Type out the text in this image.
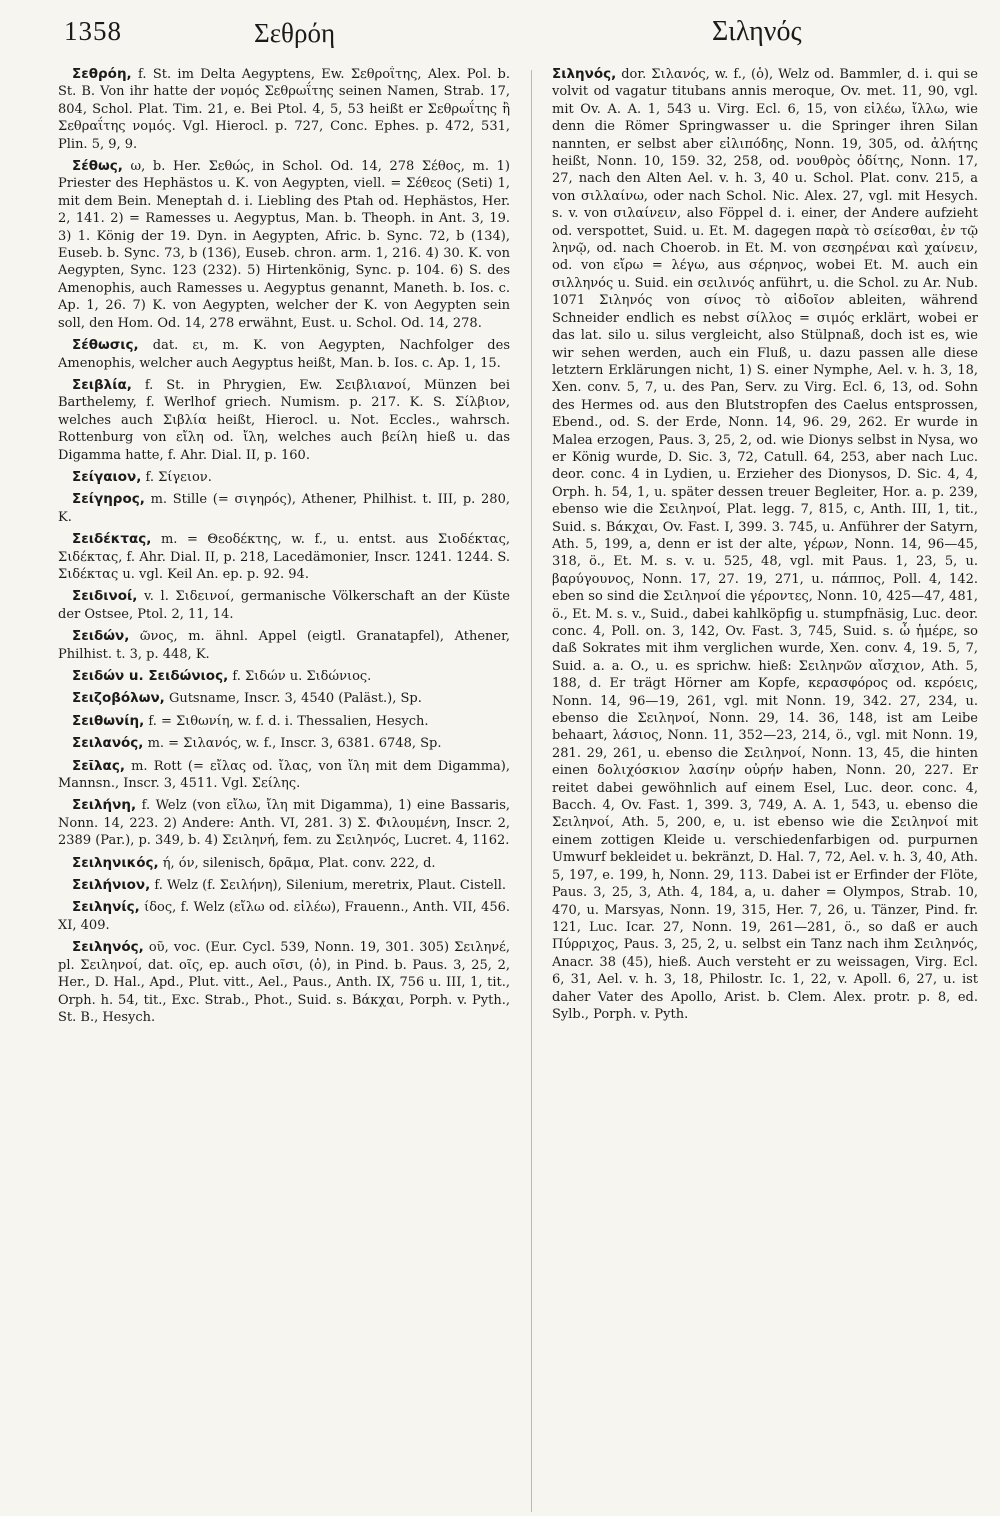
1358	Σεθρόη	Σιληνός

Σεθρόη, f. St. im Delta Aegyptens, Ew. Σεθροΐτης, Alex. Pol. b. St. B. Von ihr hatte der νομός Σεθρωΐτης seinen Namen, Strab. 17, 804, Schol. Plat. Tim. 21, e. Bei Ptol. 4, 5, 53 heißt er Σεθρωΐτης ἢ Σεθραΐτης νομός. Vgl. Hierocl. p. 727, Conc. Ephes. p. 472, 531, Plin. 5, 9, 9.

Σέθως, ω, b. Her. Σεθώς, in Schol. Od. 14, 278 Σέθος, m. 1) Priester des Hephästos u. K. von Aegypten, viell. = Σέθεος (Seti) 1, mit dem Bein. Meneptah d. i. Liebling des Ptah od. Hephästos, Her. 2, 141. 2) = Ramesses u. Aegyptus, Man. b. Theoph. in Ant. 3, 19. 3) 1. König der 19. Dyn. in Aegypten, Afric. b. Sync. 72, b (134), Euseb. b. Sync. 73, b (136), Euseb. chron. arm. 1, 216. 4) 30. K. von Aegypten, Sync. 123 (232). 5) Hirtenkönig, Sync. p. 104. 6) S. des Amenophis, auch Ramesses u. Aegyptus genannt, Maneth. b. Ios. c. Ap. 1, 26. 7) K. von Aegypten, welcher der K. von Aegypten sein soll, den Hom. Od. 14, 278 erwähnt, Eust. u. Schol. Od. 14, 278.

Σέθωσις, dat. ει, m. K. von Aegypten, Nachfolger des Amenophis, welcher auch Aegyptus heißt, Man. b. Ios. c. Ap. 1, 15.

Σειβλία, f. St. in Phrygien, Ew. Σειβλιανοί, Münzen bei Barthelemy, f. Werlhof griech. Numism. p. 217. K. S. Σίλβιον, welches auch Σιβλία heißt, Hierocl. u. Not. Eccles., wahrsch. Rottenburg von εἴλη od. ἴλη, welches auch βείλη hieß u. das Digamma hatte, f. Ahr. Dial. II, p. 160.

Σείγαιον, f. Σίγειον.

Σείγηρος, m. Stille (= σιγηρός), Athener, Philhist. t. III, p. 280, K.

Σειδέκτας, m. = Θεοδέκτης, w. f., u. entst. aus Σιοδέκτας, Σιδέκτας, f. Ahr. Dial. II, p. 218, Lacedämonier, Inscr. 1241. 1244. S. Σιδέκτας u. vgl. Keil An. ep. p. 92. 94.

Σειδινοί, v. l. Σιδεινοί, germanische Völkerschaft an der Küste der Ostsee, Ptol. 2, 11, 14.

Σειδών, ῶνος, m. ähnl. Appel (eigtl. Granatapfel), Athener, Philhist. t. 3, p. 448, K.

Σειδών u. Σειδώνιος, f. Σιδών u. Σιδώνιος.

Σειζοβόλων, Gutsname, Inscr. 3, 4540 (Paläst.), Sp.

Σειθωνίη, f. = Σιθωνίη, w. f. d. i. Thessalien, Hesych.

Σειλανός, m. = Σιλανός, w. f., Inscr. 3, 6381. 6748, Sp.

Σεῖλας, m. Rott (= εἴλας od. ἴλας, von ἴλη mit dem Digamma), Mannsn., Inscr. 3, 4511. Vgl. Σείλης.

Σειλήνη, f. Welz (von εἴλω, ἴλη mit Digamma), 1) eine Bassaris, Nonn. 14, 223. 2) Andere: Anth. VI, 281. 3) Σ. Φιλουμένη, Inscr. 2, 2389 (Par.), p. 349, b. 4) Σειληνή, fem. zu Σειληνός, Lucret. 4, 1162.

Σειληνικός, ή, όν, silenisch, δρᾶμα, Plat. conv. 222, d.

Σειλήνιον, f. Welz (f. Σειλήνη), Silenium, meretrix, Plaut. Cistell.

Σειληνίς, ίδος, f. Welz (εἴλω od. εἰλέω), Frauenn., Anth. VII, 456. XI, 409.

Σειληνός, οῦ, voc. (Eur. Cycl. 539, Nonn. 19, 301. 305) Σειληνέ, pl. Σειληνοί, dat. οῖς, ep. auch οῖσι, (ὁ), in Pind. b. Paus. 3, 25, 2, Her., D. Hal., Apd., Plut. vitt., Ael., Paus., Anth. IX, 756 u. III, 1, tit., Orph. h. 54, tit., Exc. Strab., Phot., Suid. s. Βάκχαι, Porph. v. Pyth., St. B., Hesych.

Σιληνός, dor. Σιλανός, w. f., (ὁ), Welz od. Bammler, d. i. qui se volvit od vagatur titubans annis meroque, Ov. met. 11, 90, vgl. mit Ov. A. A. 1, 543 u. Virg. Ecl. 6, 15, von εἰλέω, ἴλλω, wie denn die Römer Springwasser u. die Springer ihren Silan nannten, er selbst aber εἰλιπόδης, Nonn. 19, 305, od. ἀλήτης heißt, Nonn. 10, 159. 32, 258, od. νουθρὸς ὁδίτης, Nonn. 17, 27, nach den Alten Ael. v. h. 3, 40 u. Schol. Plat. conv. 215, a von σιλλαίνω, oder nach Schol. Nic. Alex. 27, vgl. mit Hesych. s. v. von σιλαίνειν, also Föppel d. i. einer, der Andere aufzieht od. verspottet, Suid. u. Et. M. dagegen παρὰ τὸ σείεσθαι, ἐν τῷ ληνῷ, od. nach Choerob. in Et. M. von σεσηρέναι καὶ χαίνειν, od. von εἴρω = λέγω, aus σέρηνος, wobei Et. M. auch ein σιλληνός u. Suid. ein σειλινός anführt, u. die Schol. zu Ar. Nub. 1071 Σιληνός von σίνος τὸ αἰδοῖον ableiten, während Schneider endlich es nebst σίλλος = σιμός erklärt, wobei er das lat. silo u. silus vergleicht, also Stülpnaß, doch ist es, wie wir sehen werden, auch ein Fluß, u. dazu passen alle diese letztern Erklärungen nicht, 1) S. einer Nymphe, Ael. v. h. 3, 18, Xen. conv. 5, 7, u. des Pan, Serv. zu Virg. Ecl. 6, 13, od. Sohn des Hermes od. aus den Blutstropfen des Caelus entsprossen, Ebend., od. S. der Erde, Nonn. 14, 96. 29, 262. Er wurde in Malea erzogen, Paus. 3, 25, 2, od. wie Dionys selbst in Nysa, wo er König wurde, D. Sic. 3, 72, Catull. 64, 253, aber nach Luc. deor. conc. 4 in Lydien, u. Erzieher des Dionysos, D. Sic. 4, 4, Orph. h. 54, 1, u. später dessen treuer Begleiter, Hor. a. p. 239, ebenso wie die Σειληνοί, Plat. legg. 7, 815, c, Anth. III, 1, tit., Suid. s. Βάκχαι, Ov. Fast. I, 399. 3. 745, u. Anführer der Satyrn, Ath. 5, 199, a, denn er ist der alte, γέρων, Nonn. 14, 96—45, 318, ö., Et. M. s. v. u. 525, 48, vgl. mit Paus. 1, 23, 5, u. βαρύγουνος, Nonn. 17, 27. 19, 271, u. πάππος, Poll. 4, 142. eben so sind die Σειληνοί die γέροντες, Nonn. 10, 425—47, 481, ö., Et. M. s. v., Suid., dabei kahlköpfig u. stumpfnäsig, Luc. deor. conc. 4, Poll. on. 3, 142, Ov. Fast. 3, 745, Suid. s. ὦ ἡμέρε, so daß Sokrates mit ihm verglichen wurde, Xen. conv. 4, 19. 5, 7, Suid. a. a. O., u. es sprichw. hieß: Σειληνῶν αἴσχιον, Ath. 5, 188, d. Er trägt Hörner am Kopfe, κερασφόρος od. κερόεις, Nonn. 14, 96—19, 261, vgl. mit Nonn. 19, 342. 27, 234, u. ebenso die Σειληνοί, Nonn. 29, 14. 36, 148, ist am Leibe behaart, λάσιος, Nonn. 11, 352—23, 214, ö., vgl. mit Nonn. 19, 281. 29, 261, u. ebenso die Σειληνοί, Nonn. 13, 45, die hinten einen δολιχόσκιον λασίην οὐρήν haben, Nonn. 20, 227. Er reitet dabei gewöhnlich auf einem Esel, Luc. deor. conc. 4, Bacch. 4, Ov. Fast. 1, 399. 3, 749, A. A. 1, 543, u. ebenso die Σειληνοί, Ath. 5, 200, e, u. ist ebenso wie die Σειληνοί mit einem zottigen Kleide u. verschiedenfarbigen od. purpurnen Umwurf bekleidet u. bekränzt, D. Hal. 7, 72, Ael. v. h. 3, 40, Ath. 5, 197, e. 199, h, Nonn. 29, 113. Dabei ist er Erfinder der Flöte, Paus. 3, 25, 3, Ath. 4, 184, a, u. daher = Olympos, Strab. 10, 470, u. Marsyas, Nonn. 19, 315, Her. 7, 26, u. Tänzer, Pind. fr. 121, Luc. Icar. 27, Nonn. 19, 261—281, ö., so daß er auch Πύρριχος, Paus. 3, 25, 2, u. selbst ein Tanz nach ihm Σειληνός, Anacr. 38 (45), hieß. Auch versteht er zu weissagen, Virg. Ecl. 6, 31, Ael. v. h. 3, 18, Philostr. Ic. 1, 22, v. Apoll. 6, 27, u. ist daher Vater des Apollo, Arist. b. Clem. Alex. protr. p. 8, ed. Sylb., Porph. v. Pyth.
